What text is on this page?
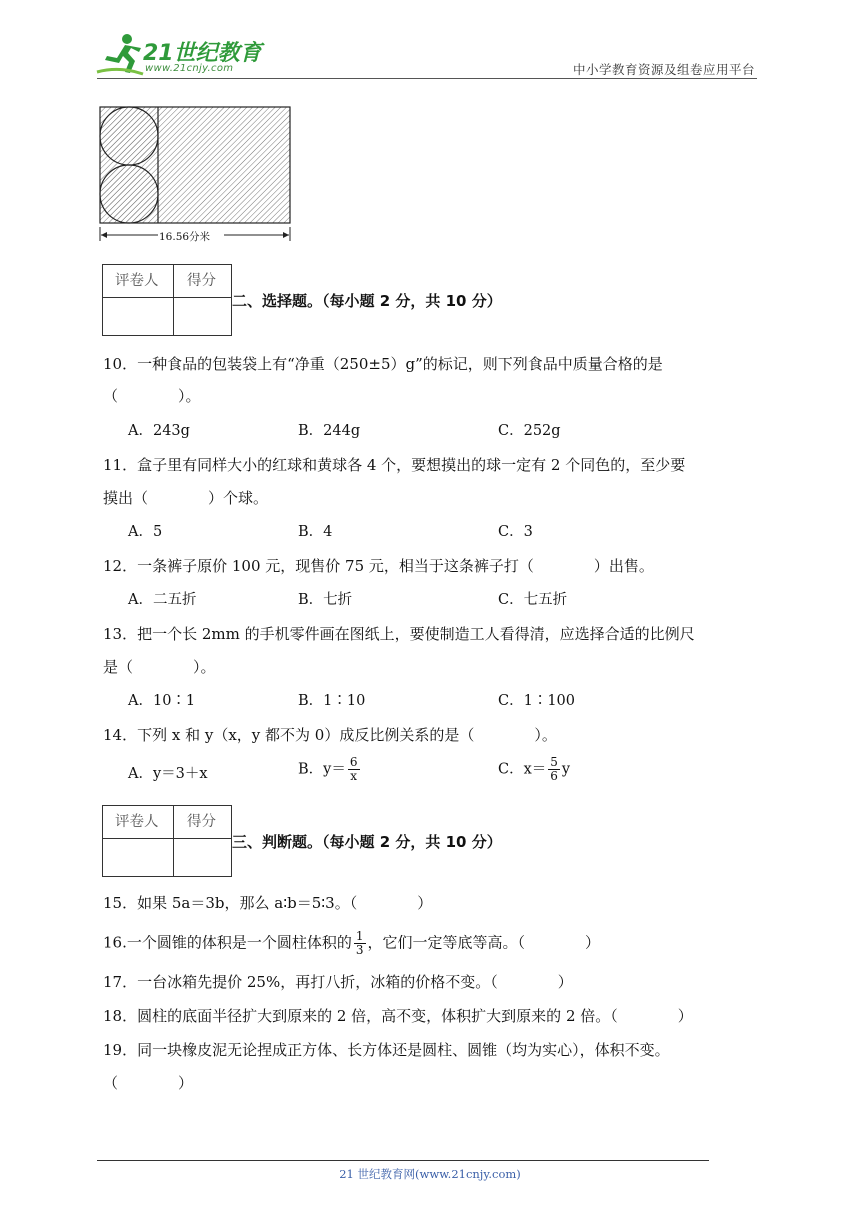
21世纪教育
www.21cnjy.com	中小学教育资源及组卷应用平台
16.56分米
评卷人 得分
二、选择题。（每小题 2 分，共 10 分）
10．一种食品的包装袋上有“净重（250±5）g”的标记，则下列食品中质量合格的是
（　　　　）。
A．243g	B．244g	C．252g
11．盒子里有同样大小的红球和黄球各 4 个，要想摸出的球一定有 2 个同色的，至少要
摸出（　　　　）个球。
A．5	B．4	C．3
12．一条裤子原价 100 元，现售价 75 元，相当于这条裤子打（　　　　）出售。
A．二五折	B．七折	C．七五折
13．把一个长 2mm 的手机零件画在图纸上，要使制造工人看得清，应选择合适的比例尺
是（　　　　）。
A．10∶1	B．1∶10	C．1∶100
14．下列 x 和 y（x，y 都不为 0）成反比例关系的是（　　　　）。
A．y＝3＋x	B．$y= \frac{6}{x}$	C．$x= \frac{5}{6}$ y
评卷人 得分
三、判断题。（每小题 2 分，共 10 分）
15．如果 5a＝3b，那么 a∶b＝5∶3。（　　　　）
16.一个圆锥的体积是一个圆柱体积的 $\frac{1}{3}$ ，它们一定等底等高。（　　　　）
17．一台冰箱先提价 25%，再打八折，冰箱的价格不变。（　　　　）
18．圆柱的底面半径扩大到原来的 2 倍，高不变，体积扩大到原来的 2 倍。（　　　　）
19．同一块橡皮泥无论捏成正方体、长方体还是圆柱、圆锥（均为实心），体积不变。
（　　　　）
21 世纪教育网(www.21cnjy.com)
